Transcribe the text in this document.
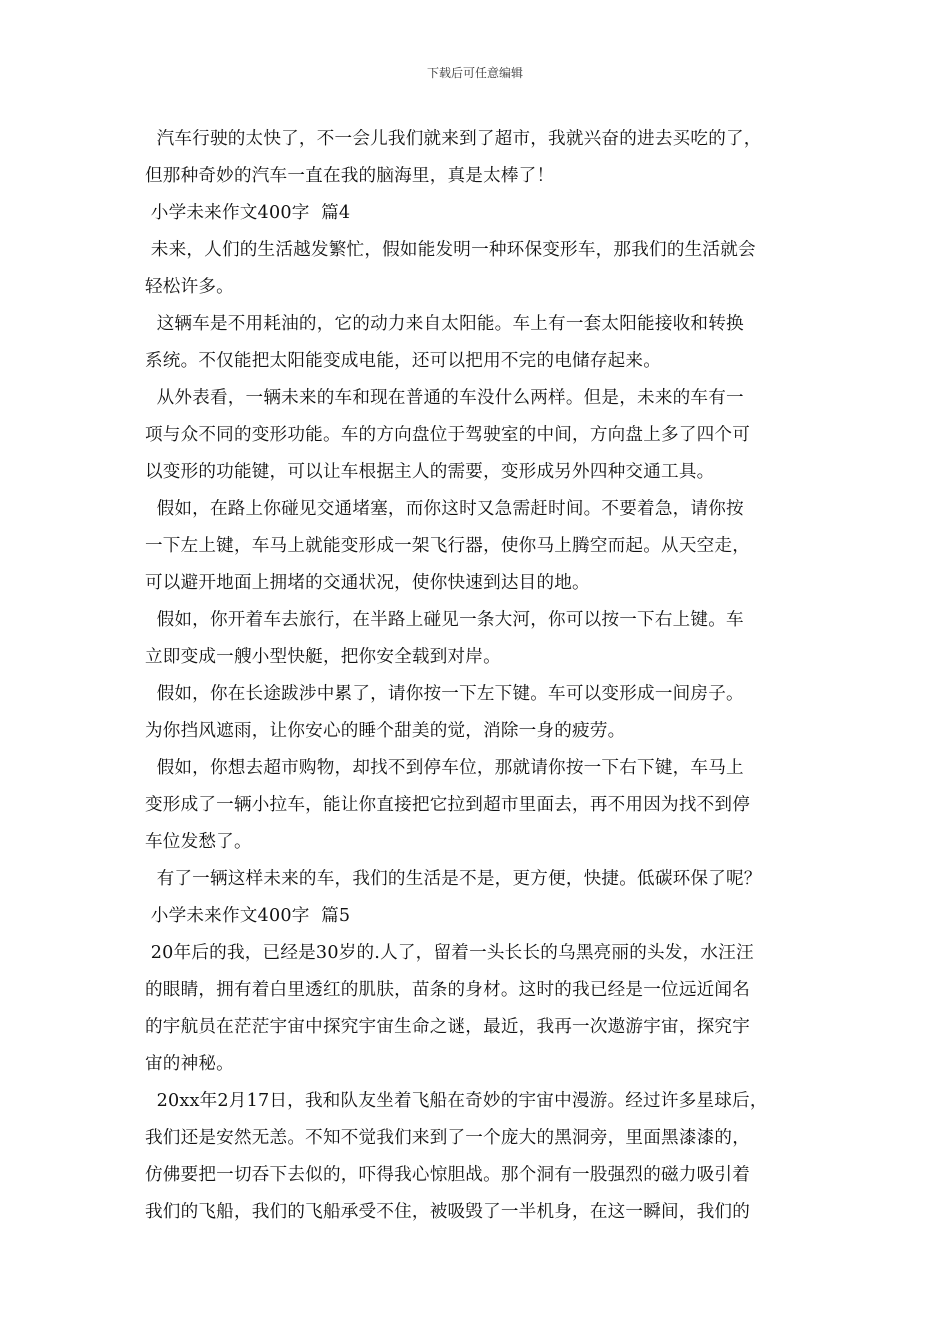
下载后可任意编辑
汽车行驶的太快了，不一会儿我们就来到了超市，我就兴奋的进去买吃的了，
但那种奇妙的汽车一直在我的脑海里，真是太棒了！
小学未来作文400字  篇4
未来，人们的生活越发繁忙，假如能发明一种环保变形车，那我们的生活就会
轻松许多。
这辆车是不用耗油的，它的动力来自太阳能。车上有一套太阳能接收和转换
系统。不仅能把太阳能变成电能，还可以把用不完的电储存起来。
从外表看，一辆未来的车和现在普通的车没什么两样。但是，未来的车有一
项与众不同的变形功能。车的方向盘位于驾驶室的中间，方向盘上多了四个可
以变形的功能键，可以让车根据主人的需要，变形成另外四种交通工具。
假如，在路上你碰见交通堵塞，而你这时又急需赶时间。不要着急，请你按
一下左上键，车马上就能变形成一架飞行器，使你马上腾空而起。从天空走，
可以避开地面上拥堵的交通状况，使你快速到达目的地。
假如，你开着车去旅行，在半路上碰见一条大河，你可以按一下右上键。车
立即变成一艘小型快艇，把你安全载到对岸。
假如，你在长途跋涉中累了，请你按一下左下键。车可以变形成一间房子。
为你挡风遮雨，让你安心的睡个甜美的觉，消除一身的疲劳。
假如，你想去超市购物，却找不到停车位，那就请你按一下右下键，车马上
变形成了一辆小拉车，能让你直接把它拉到超市里面去，再不用因为找不到停
车位发愁了。
有了一辆这样未来的车，我们的生活是不是，更方便，快捷。低碳环保了呢？
小学未来作文400字  篇5
20年后的我，已经是30岁的.人了，留着一头长长的乌黑亮丽的头发，水汪汪
的眼睛，拥有着白里透红的肌肤，苗条的身材。这时的我已经是一位远近闻名
的宇航员在茫茫宇宙中探究宇宙生命之谜，最近，我再一次遨游宇宙，探究宇
宙的神秘。
20xx年2月17日，我和队友坐着飞船在奇妙的宇宙中漫游。经过许多星球后，
我们还是安然无恙。不知不觉我们来到了一个庞大的黑洞旁，里面黑漆漆的，
仿佛要把一切吞下去似的，吓得我心惊胆战。那个洞有一股强烈的磁力吸引着
我们的飞船，我们的飞船承受不住，被吸毁了一半机身，在这一瞬间，我们的
